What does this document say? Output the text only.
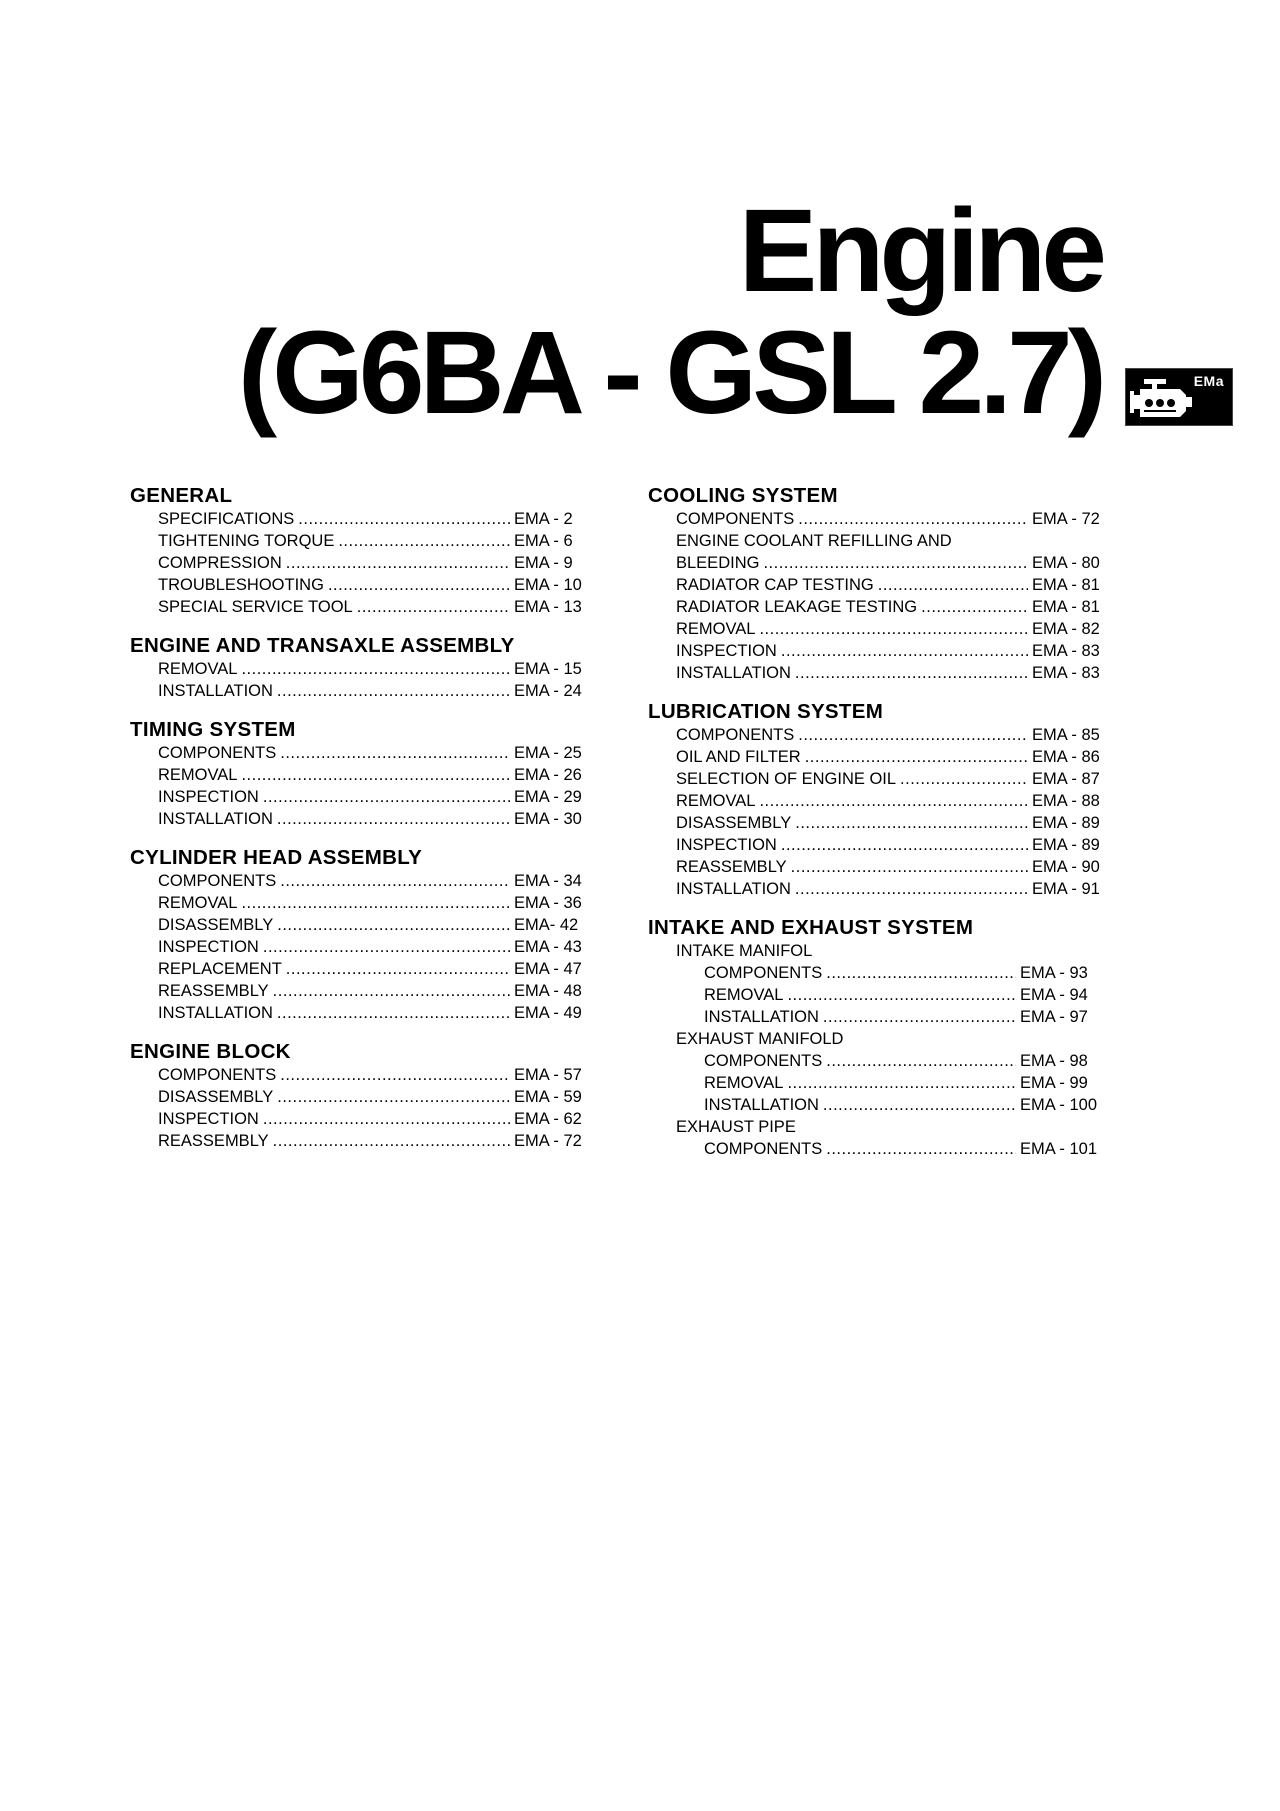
Engine
(G6BA - GSL 2.7)	EMa
GENERAL
SPECIFICATIONS .....	EMA - 2
TIGHTENING TORQUE .....	EMA - 6
COMPRESSION .....	EMA - 9
TROUBLESHOOTING .....	EMA - 10
SPECIAL SERVICE TOOL .....	EMA - 13
ENGINE AND TRANSAXLE ASSEMBLY
REMOVAL .....	EMA - 15
INSTALLATION .....	EMA - 24
TIMING SYSTEM
COMPONENTS .....	EMA - 25
REMOVAL .....	EMA - 26
INSPECTION .....	EMA - 29
INSTALLATION .....	EMA - 30
CYLINDER HEAD ASSEMBLY
COMPONENTS .....	EMA - 34
REMOVAL .....	EMA - 36
DISASSEMBLY .....	EMA- 42
INSPECTION .....	EMA - 43
REPLACEMENT .....	EMA - 47
REASSEMBLY .....	EMA - 48
INSTALLATION .....	EMA - 49
ENGINE BLOCK
COMPONENTS .....	EMA - 57
DISASSEMBLY .....	EMA - 59
INSPECTION .....	EMA - 62
REASSEMBLY .....	EMA - 72
COOLING SYSTEM
COMPONENTS .....	EMA - 72
ENGINE COOLANT REFILLING AND
BLEEDING .....	EMA - 80
RADIATOR CAP TESTING .....	EMA - 81
RADIATOR LEAKAGE TESTING .....	EMA - 81
REMOVAL .....	EMA - 82
INSPECTION .....	EMA - 83
INSTALLATION .....	EMA - 83
LUBRICATION SYSTEM
COMPONENTS .....	EMA - 85
OIL AND FILTER .....	EMA - 86
SELECTION OF ENGINE OIL .....	EMA - 87
REMOVAL .....	EMA - 88
DISASSEMBLY .....	EMA - 89
INSPECTION .....	EMA - 89
REASSEMBLY .....	EMA - 90
INSTALLATION .....	EMA - 91
INTAKE AND EXHAUST SYSTEM
INTAKE MANIFOL
COMPONENTS .....	EMA - 93
REMOVAL .....	EMA - 94
INSTALLATION .....	EMA - 97
EXHAUST MANIFOLD
COMPONENTS .....	EMA - 98
REMOVAL .....	EMA - 99
INSTALLATION .....	EMA - 100
EXHAUST PIPE
COMPONENTS .....	EMA - 101
